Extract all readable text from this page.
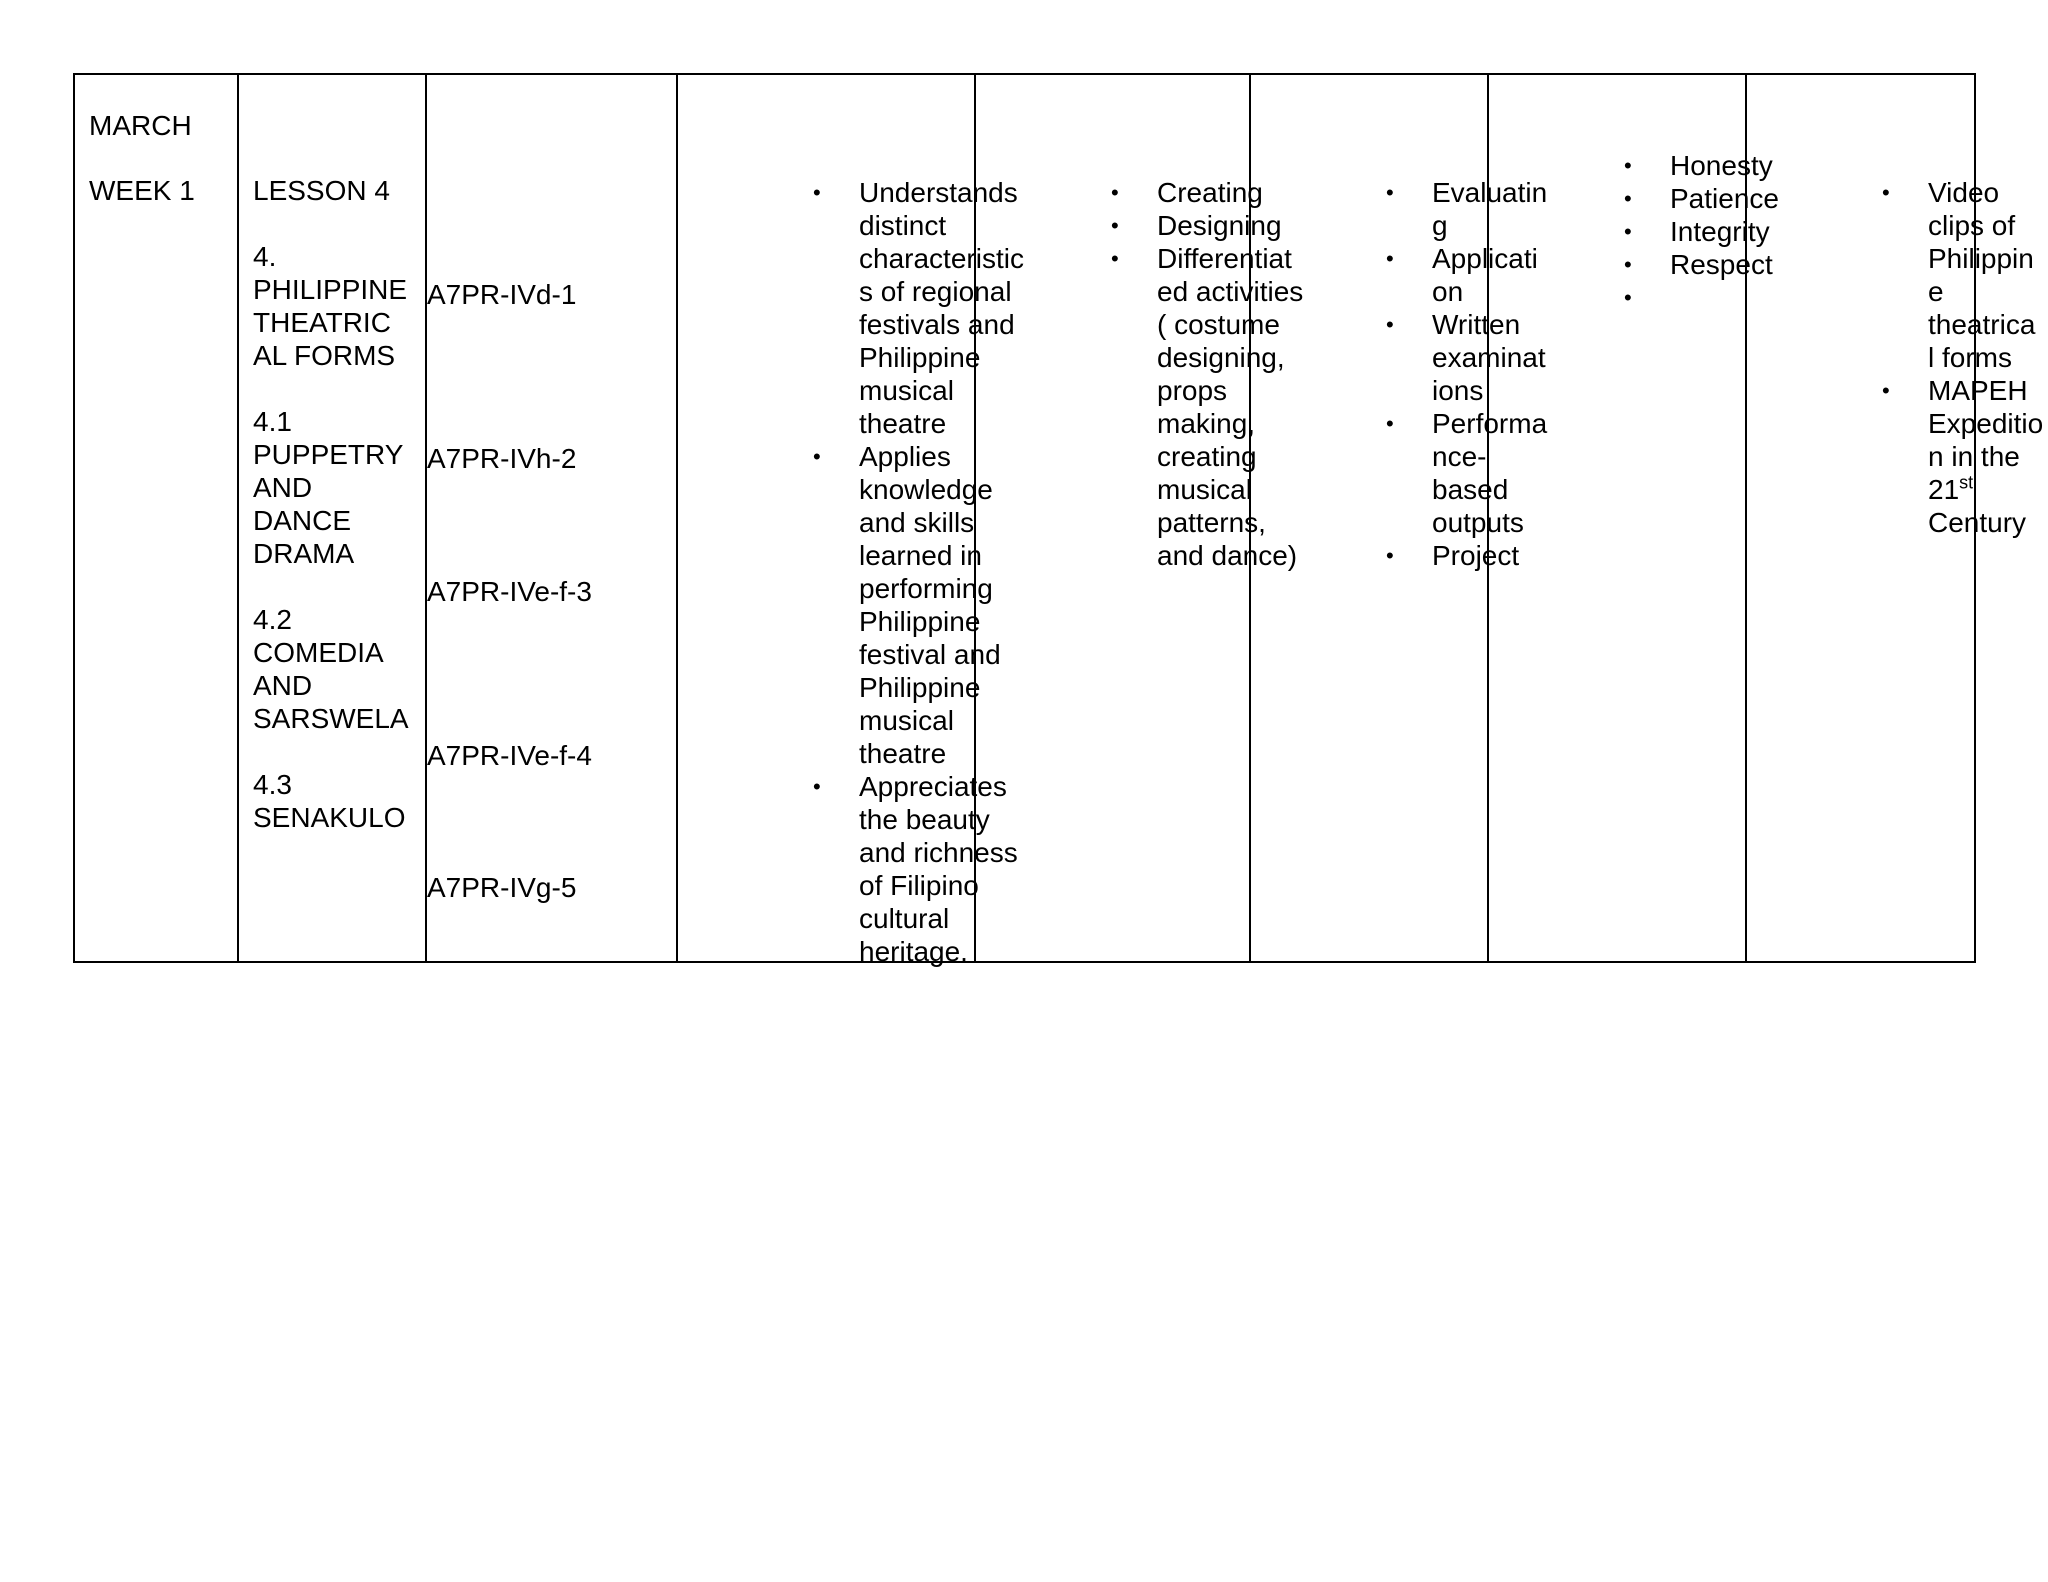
MARCH
WEEK 1 LESSON 4
4.
PHILIPPINE
THEATRIC
AL FORMS
4.1
PUPPETRY
AND
DANCE
DRAMA
4.2
COMEDIA
AND
SARSWELA
4.3
SENAKULO
A7PR-IVd-1
A7PR-IVh-2
A7PR-IVe-f-3
A7PR-IVe-f-4
A7PR-IVg-5
• Understands
distinct
characteristic
s of regional
festivals and
Philippine
musical
theatre
• Applies
knowledge
and skills
learned in
performing
Philippine
festival and
Philippine
musical
theatre
• Appreciates
the beauty
and richness
of Filipino
cultural
heritage.
• Creating
• Designing
• Differentiat
ed activities
( costume
designing,
props
making,
creating
musical
patterns,
and dance)
• Evaluatin
g
• Applicati
on
• Written
examinat
ions
• Performa
nce-
based
outputs
• Project
• Honesty
• Patience
• Integrity
• Respect
•
• Video
clips of
Philippin
e
theatrica
l forms
• MAPEH
Expeditio
n in the
21st
Century
